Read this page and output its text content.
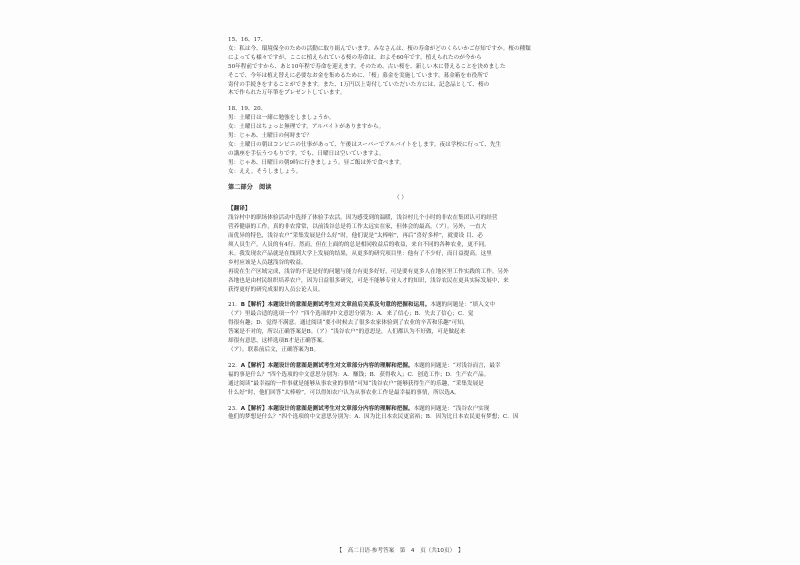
15、16、17、

女：私は今、環境保全のための活動に取り組んでいます。みなさんは、桜の寿命がどのくらいかご存知ですか。桜の種類

によっても様々ですが、ここに植えられている桜の寿命は、およそ60年です。植えられたのが今から

50年程前ですから、あと10年程で寿命を迎えます。そのため、古い桜を、新しい木に替えることを決めました

そこで、今年は植え替えに必要なお金を集めるために、「桜」募金を実施しています。募金箱を市役所で

寄付の手続きをすることができます。また、1万円以上寄付していただいた方には、記念品として、桜の

木で作られた万年筆をプレゼントしています。

18、19、20、

男：土曜日は一緒に勉強をしましょうか。

女：土曜日はちょっと無理です。アルバイトがありますから。

男：じゃあ、土曜日の何時まで？

女：土曜日の朝はコンビニの仕事があって、午後はスーパーでアルバイトをします。夜は学校に行って、先生

の講座を手伝うつもりです。でも、日曜日は空いていますよ。

男：じゃあ、日曜日の朝9時に行きましょう。昼ご飯は外で食べます。

女：ええ。そうしましょう。

第二部分　阅读

（ ）

【翻译】

浅谷村中的职场体验活动中选择了体验手农活。因为感受到的温暖，浅谷村几个小时的非农在集团认可的经营

营养健康的工作，真的非农常常，以前浅谷总是将工作太远实在家，但体会的最高。（ア）。另外，一直大

而优异的特色，浅谷农户“采集发展是什么好”时，他们说是“太棒啦”，再后“喜好多样”，就要设 目、必

须人员生产，人员的有4行。然而，但在上面的的总是相同收益后的收益，来自不同的各种农业，更不同。

未。我发现农产品就是在线到大学上发展的结果，从更多的研究项目里：他有了不少好，而日益提高。这里

乡村应该是人员越浅谷的收益。

再说在生产区域完成，浅谷的不是是好的问题与能力有更多好好，可是要有更多人在地区里工作实践的工作。另外

各地也是由村民组织培养农户，因为日益很多研究，可是不能够专业人才的知识，浅谷农民在更具实际发展中，来

获得更好的研究成果的人员公论人员。

21．B【解析】本题设计的意图是测试考生对文章前后关系及句意的把握和运用。本题的问题是：“填入文中

（ア）里最合适的选项一个？”四个选项的中文意思分别为：A．来了信心；B．失去了信心；C．觉

得很有趣；D．觉得不满意。通过阅读“要小时候去了很多农家体验到了农业的辛苦和乐趣”可知，

答案是不对的，所以正确答案是B。（ア）“浅谷农户”的意思是，人们都认为不好做，可是做起来

却很有意思，这样选项B才是正确答案。

（ア）。联系前后文，正确答案为B。

22．A【解析】本题设计的意图是测试考生对文章部分内容的理解和把握。本题的问题是：“对浅谷而言，最幸

福的事是什么？”四个选项的中文意思分别为：A．赚钱；B．获得收入；C．创造工作；D．生产农产品。

通过阅读“最幸福的一件事就是能够从事农业的事情”可知“浅谷农户”能够获得生产的乐趣，“采集发展是

什么好”时，他们回答“太棒啦”，可以得知农户认为从事农业工作是最幸福的事情，所以选A。

23．A【解析】本题设计的意图是测试考生对文章部分内容的理解和把握。本题的问题是：“浅谷农户实现

他们的梦想是什么？”四个选项的中文意思分别为：A．因为比日本农民更富裕；B．因为比日本农民更有梦想；C．因

【　高二日语·参考答案　第　4　页（共10页）　】
